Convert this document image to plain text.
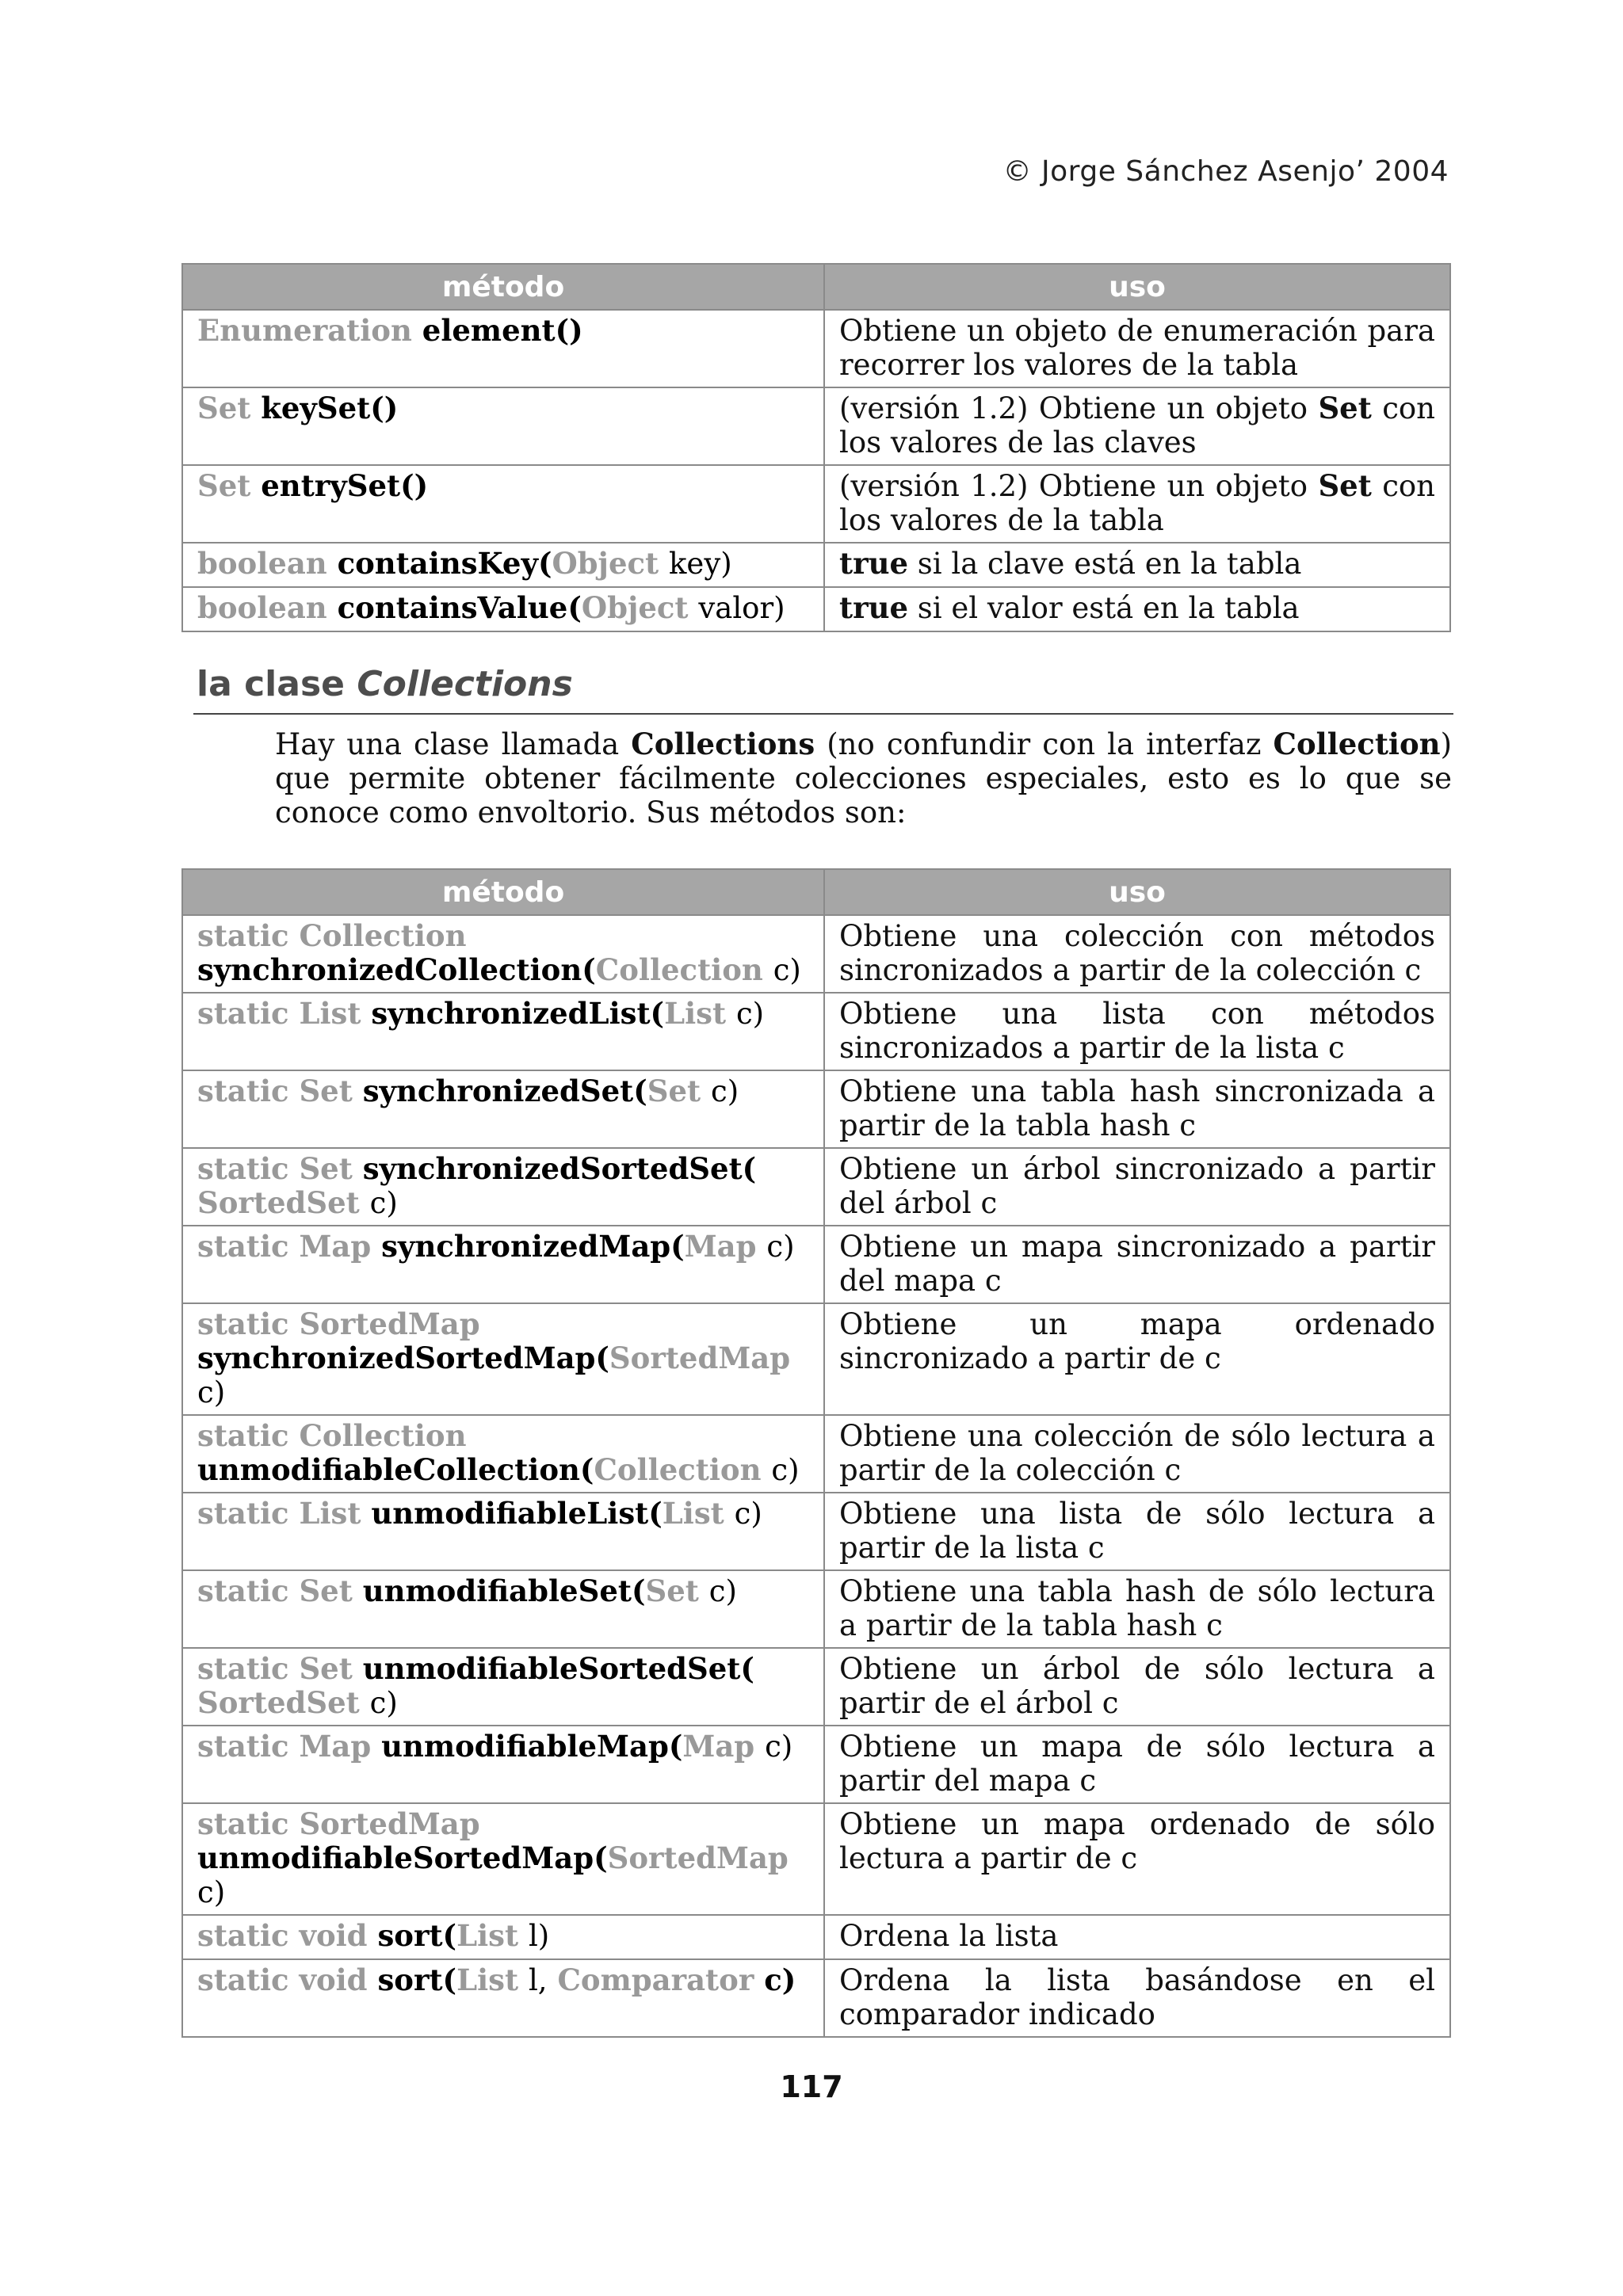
© Jorge Sánchez Asenjo’ 2004
método	uso
Enumeration element()	Obtiene un objeto de enumeración para recorrer los valores de la tabla
Set keySet()	(versión 1.2) Obtiene un objeto Set con los valores de las claves
Set entrySet()	(versión 1.2) Obtiene un objeto Set con los valores de la tabla
boolean containsKey(Object key)	true si la clave está en la tabla
boolean containsValue(Object valor)	true si el valor está en la tabla
la clase Collections
Hay una clase llamada Collections (no confundir con la interfaz Collection) que permite obtener fácilmente colecciones especiales, esto es lo que se conoce como envoltorio. Sus métodos son:
método	uso
static Collection
synchronizedCollection(Collection c)	Obtiene una colección con métodos sincronizados a partir de la colección c
static List synchronizedList(List c)	Obtiene una lista con métodos sincronizados a partir de la lista c
static Set synchronizedSet(Set c)	Obtiene una tabla hash sincronizada a partir de la tabla hash c
static Set synchronizedSortedSet(
SortedSet c)	Obtiene un árbol sincronizado a partir del árbol c
static Map synchronizedMap(Map c)	Obtiene un mapa sincronizado a partir del mapa c
static SortedMap
synchronizedSortedMap(SortedMap c)	Obtiene un mapa ordenado sincronizado a partir de c
static Collection
unmodifiableCollection(Collection c)	Obtiene una colección de sólo lectura a partir de la colección c
static List unmodifiableList(List c)	Obtiene una lista de sólo lectura a partir de la lista c
static Set unmodifiableSet(Set c)	Obtiene una tabla hash de sólo lectura a partir de la tabla hash c
static Set unmodifiableSortedSet(
SortedSet c)	Obtiene un árbol de sólo lectura a partir de el árbol c
static Map unmodifiableMap(Map c)	Obtiene un mapa de sólo lectura a partir del mapa c
static SortedMap
unmodifiableSortedMap(SortedMap c)	Obtiene un mapa ordenado de sólo lectura a partir de c
static void sort(List l)	Ordena la lista
static void sort(List l, Comparator c)	Ordena la lista basándose en el comparador indicado
117
